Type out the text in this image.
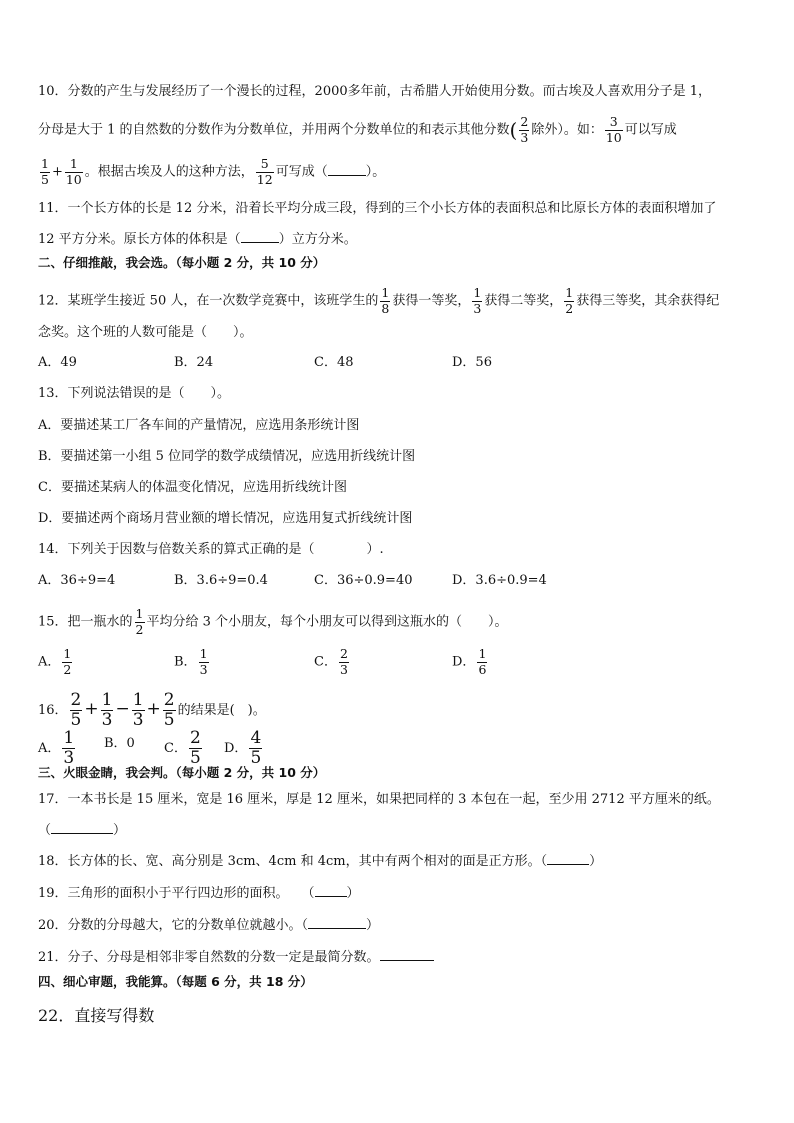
10．分数的产生与发展经历了一个漫长的过程，2000多年前，古希腊人开始使用分数。而古埃及人喜欢用分子是 1，
分母是大于 1 的自然数的分数作为分数单位，并用两个分数单位的和表示其他分数( $\frac{2}{3}$ 除外）。如： $\frac{3}{10}$ 可以写成
$\frac{1}{5} + \frac{1}{10}$ 。根据古埃及人的这种方法， $\frac{5}{12}$ 可写成（	）。
11．一个长方体的长是 12 分米，沿着长平均分成三段，得到的三个小长方体的表面积总和比原长方体的表面积增加了
12 平方分米。原长方体的体积是（	）立方分米。
二、仔细推敲，我会选。（每小题 2 分，共 10 分）
12．某班学生接近 50 人，在一次数学竞赛中，该班学生的 $\frac{1}{8}$ 获得一等奖， $\frac{1}{3}$ 获得二等奖， $\frac{1}{2}$ 获得三等奖，其余获得纪
念奖。这个班的人数可能是（　　）。
A．49	B．24	C．48	D．56
13．下列说法错误的是（　　）。
A．要描述某工厂各车间的产量情况，应选用条形统计图
B．要描述第一小组 5 位同学的数学成绩情况，应选用折线统计图
C．要描述某病人的体温变化情况，应选用折线统计图
D．要描述两个商场月营业额的增长情况，应选用复式折线统计图
14．下列关于因数与倍数关系的算式正确的是（　　　　）.
A．36÷9=4	B．3.6÷9=0.4	C．36÷0.9=40	D．3.6÷0.9=4
15．把一瓶水的 $\frac{1}{2}$ 平均分给 3 个小朋友，每个小朋友可以得到这瓶水的（　　）。
A． $\frac{1}{2}$	B． $\frac{1}{3}$	C． $\frac{2}{3}$	D． $\frac{1}{6}$
16． $\frac{2}{5} + \frac{1}{3} - \frac{1}{3} + \frac{2}{5}$ 的结果是(　)。
A． $\frac{1}{3}$ B．0 C． $\frac{2}{5}$ D． $\frac{4}{5}$
三、火眼金睛，我会判。（每小题 2 分，共 10 分）
17．一本书长是 15 厘米，宽是 16 厘米，厚是 12 厘米，如果把同样的 3 本包在一起，至少用 2712 平方厘米的纸。
（	）
18．长方体的长、宽、高分别是 3cm、4cm 和 4cm，其中有两个相对的面是正方形。（	）
19．三角形的面积小于平行四边形的面积。　　（ ）
20．分数的分母越大，它的分数单位就越小。（	）
21．分子、分母是相邻非零自然数的分数一定是最简分数。
四、细心审题，我能算。（每题 6 分，共 18 分）
22．直接写得数
